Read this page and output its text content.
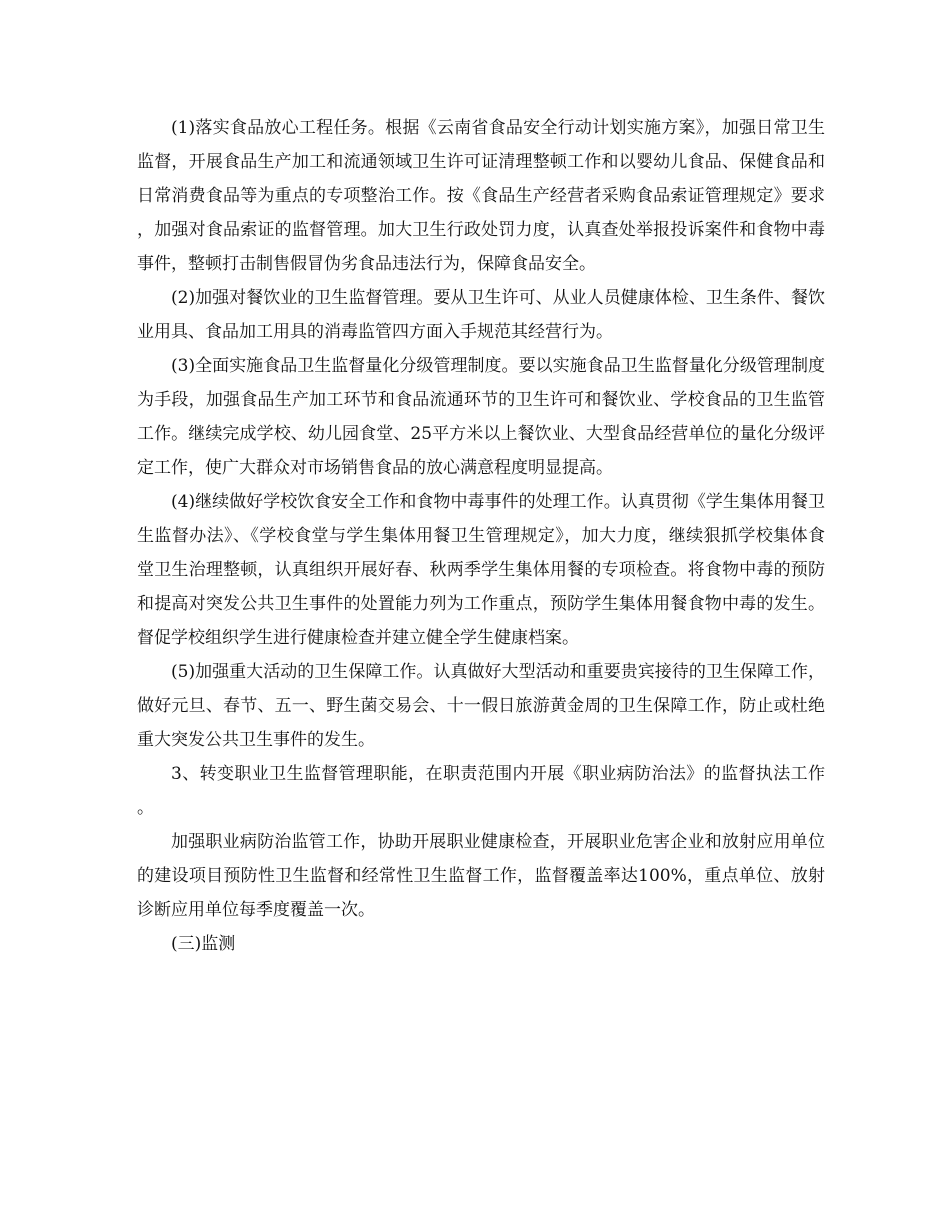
(1)落实食品放心工程任务。根据《云南省食品安全行动计划实施方案》，加强日常卫生监督，开展食品生产加工和流通领域卫生许可证清理整顿工作和以婴幼儿食品、保健食品和日常消费食品等为重点的专项整治工作。按《食品生产经营者采购食品索证管理规定》要求，加强对食品索证的监督管理。加大卫生行政处罚力度，认真查处举报投诉案件和食物中毒事件，整顿打击制售假冒伪劣食品违法行为，保障食品安全。

(2)加强对餐饮业的卫生监督管理。要从卫生许可、从业人员健康体检、卫生条件、餐饮业用具、食品加工用具的消毒监管四方面入手规范其经营行为。

(3)全面实施食品卫生监督量化分级管理制度。要以实施食品卫生监督量化分级管理制度为手段，加强食品生产加工环节和食品流通环节的卫生许可和餐饮业、学校食品的卫生监管工作。继续完成学校、幼儿园食堂、25平方米以上餐饮业、大型食品经营单位的量化分级评定工作，使广大群众对市场销售食品的放心满意程度明显提高。

(4)继续做好学校饮食安全工作和食物中毒事件的处理工作。认真贯彻《学生集体用餐卫生监督办法》、《学校食堂与学生集体用餐卫生管理规定》，加大力度，继续狠抓学校集体食堂卫生治理整顿，认真组织开展好春、秋两季学生集体用餐的专项检查。将食物中毒的预防和提高对突发公共卫生事件的处置能力列为工作重点，预防学生集体用餐食物中毒的发生。督促学校组织学生进行健康检查并建立健全学生健康档案。

(5)加强重大活动的卫生保障工作。认真做好大型活动和重要贵宾接待的卫生保障工作，做好元旦、春节、五一、野生菌交易会、十一假日旅游黄金周的卫生保障工作，防止或杜绝重大突发公共卫生事件的发生。

3、转变职业卫生监督管理职能，在职责范围内开展《职业病防治法》的监督执法工作。

加强职业病防治监管工作，协助开展职业健康检查，开展职业危害企业和放射应用单位的建设项目预防性卫生监督和经常性卫生监督工作，监督覆盖率达100%，重点单位、放射诊断应用单位每季度覆盖一次。

(三)监测
